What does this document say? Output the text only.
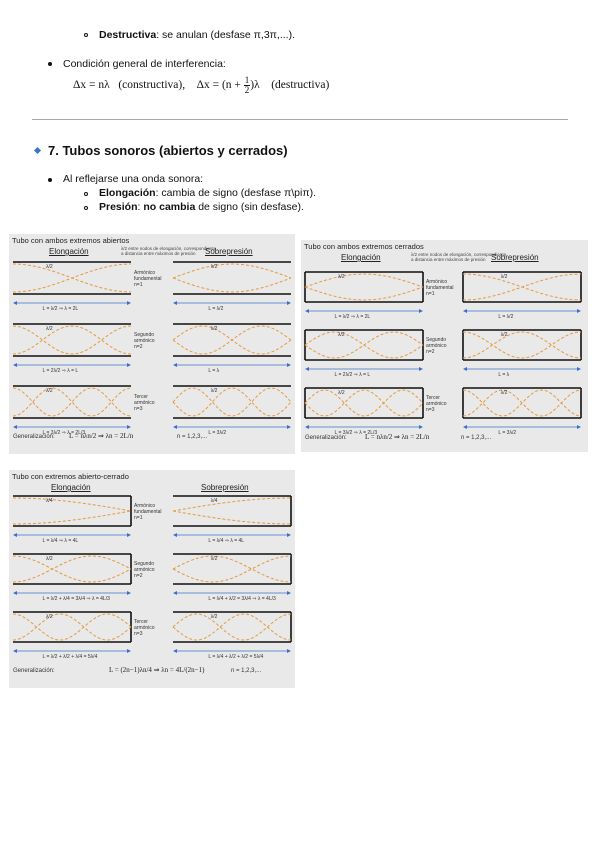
Destructiva: se anulan (desfase π,3π,...).
Condición general de interferencia:
Δx = nλ (constructiva), $\Delta x = (n + \frac{1}{2} )\lambda$ (destructiva)
7. Tubos sonoros (abiertos y cerrados)
Al reflejarse una onda sonora:
Elongación: cambia de signo (desfase π\piπ).
Presión: no cambia de signo (sin desfase).
Tubo con ambos extremos abiertos
Elongación	λ/2 entre nodos de elongación, correspondiente
a distancia entre máximos de presión	Sobrepresión
Armónico
fundamental
n=1
λ/2	λ/2
L = λ/2 ⇒ λ = 2L	L = λ/2
Segundo
armónico
n=2
λ/2	λ/2
L = 2λ/2 ⇒ λ = L	L = λ
Tercer
armónico
n=3
λ/2	λ/2
L = 3λ/2 ⇒ λ = 2L/3	L = 3λ/2
Generalización: L = nλn/2 ⇒ λn = 2L/n	n = 1,2,3,...
Tubo con ambos extremos cerrados
Elongación	λ/2 entre nodos de elongación, correspondiente
a distancia entre máximos de presión Sobrepresión
Armónico
fundamental
n=1
λ/2	λ/2
L = λ/2 ⇒ λ = 2L	L = λ/2
Segundo
armónico
n=2
λ/2	λ/2
L = 2λ/2 ⇒ λ = L	L = λ
Tercer
armónico
n=3
λ/2	λ/2
L = 3λ/2 ⇒ λ = 2L/3	L = 3λ/2
Generalización:	L = nλn/2 ⇒ λn = 2L/n	n = 1,2,3,...
Tubo con extremos abierto-cerrado
Elongación	Sobrepresión
Armónico
fundamental
n=1
λ/4	λ/4
L = λ/4 ⇒ λ = 4L	L = λ/4 ⇒ λ = 4L
Segundo
armónico
n=2
λ/2	λ/2
L = λ/2 + λ/4 = 3λ/4 ⇒ λ = 4L/3	L = λ/4 + λ/2 = 3λ/4 ⇒ λ = 4L/3
Tercer
armónico
n=3
λ/2	λ/2
L = λ/2 + λ/2 + λ/4 = 5λ/4	L = λ/4 + λ/2 + λ/2 = 5λ/4
Generalización:	L = (2n−1)λn/4 ⇒ λn = 4L/(2n−1)	n = 1,2,3,...
